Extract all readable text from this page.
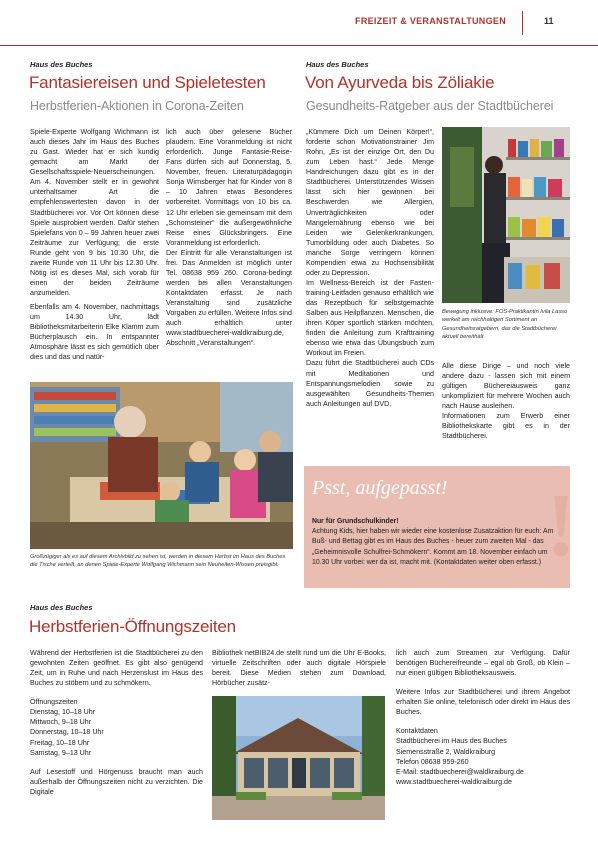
FREIZEIT & VERANSTALTUNGEN	11
Haus des Buches
Fantasiereisen und Spieletesten
Herbstferien-Aktionen in Corona-Zeiten

Spiele-Experte Wolfgang Wichmann ist auch dieses Jahr im Haus des Buches zu Gast. Wieder hat er sich kundig gemacht am Markt der Gesellschaftsspiele-Neuerscheinungen. Am 4. November stellt er in gewohnt unterhaltsamer Art die empfehlenswertesten davon in der Stadtbücherei vor. Vor Ort können diese Spiele ausprobiert werden. Dafür stehen Spielefans von 0 – 99 Jahren heuer zwei Zeiträume zur Verfügung; die erste Runde geht von 9 bis 10.30 Uhr, die zweite Runde von 11 Uhr bis 12.30 Uhr. Nötig ist es dieses Mal, sich vorab für einen der beiden Zeiträume anzumelden.

Ebenfalls am 4. November, nachmittags um 14.30 Uhr, lädt Bibliotheksmitarbeiterin Elke Klamm zum Bücherplausch ein. In entspannter Atmosphäre lässt es sich gemütlich über dies und das und natür-

lich auch über gelesene Bücher plaudern. Eine Voranmeldung ist nicht erforderlich. Junge Fantasie-Reise-Fans dürfen sich auf Donnerstag, 5. November, freuen. Literaturpädagogin Sonja Wirnsberger hat für Kinder von 8 – 10 Jahren etwas Besonderes vorbereitet. Vormittags von 10 bis ca. 12 Uhr erleben sie gemeinsam mit dem „Schornsteiner“ die außergewöhnliche Reise eines Glücksbringers. Eine Voranmeldung ist erforderlich.

Der Eintritt für alle Veranstaltungen ist frei. Das Anmelden ist möglich unter Tel. 08638 959 260. Corona-bedingt werden bei allen Veranstaltungen Kontaktdaten erfasst. Je nach Veranstaltung sind zusätzliche Vorgaben zu erfüllen. Weitere Infos sind auch erhältlich unter www.stadtbuecherei-waldkraiburg.de, Abschnitt „Veranstaltungen“.

Großzügiger als es auf diesem Archivbild zu sehen ist, werden in diesem Herbst im Haus des Buches die Tische verteilt, an denen Spiele-Experte Wolfgang Wichmann sein Neuheiten-Wissen preisgibt.
Haus des Buches
Von Ayurveda bis Zöliakie
Gesundheits-Ratgeber aus der Stadtbücherei

„Kümmere Dich um Deinen Körper!“, forderte schon Motivationstrainer Jim Rohn, „Es ist der einzige Ort, den Du zum Leben hast.“ Jede Menge Handreichungen dazu gibt es in der Stadtbücherei. Unterstützendes Wissen lässt sich hier gewinnen bei Beschwerden wie Allergien, Unverträglichkeiten oder Mangelernährung ebenso wie bei Leiden wie Gelenkerkrankungen, Tumorbildung oder auch Diabetes. So manche Sorge verringern können Kompendien etwa zu Hochsensibilität oder zu Depression.

Im Wellness-Bereich ist der Fasten-training-Leitfaden genauso erhältlich wie das Rezeptbuch für selbstgemachte Salben aus Heilpflanzen. Menschen, die ihren Köper sportlich stärken möchten, finden die Anleitung zum Krafttraining ebenso wie etwa das Übungsbuch zum Workout im Freien.

Dazu führt die Stadtbücherei auch CDs mit Meditationen und Entspannungsmelodien sowie zu ausgewählten Gesundheits-Themen auch Anleitungen auf DVD.

Bewegung inklusive: FOS-Praktikantin Ivila Lasso werkelt am reichhaltigen Sortiment an Gesundheitsratgebern, das die Stadtbücherei aktuell bereithält

Alle diese Dinge – und noch viele andere dazu - lassen sich mit einem gültigen Büchereiausweis ganz unkompliziert für mehrere Wochen auch nach Hause ausleihen.

Informationen zum Erwerb einer Bibliothekskarte gibt es in der Stadtbücherei.

!
Psst, aufgepasst!
Nur für Grundschulkinder!
Achtung Kids, hier haben wir wieder eine kostenlose Zusatzaktion für euch: Am Buß- und Bettag gibt es im Haus des Buches - heuer zum zweiten Mal - das „Geheimnisvolle Schulfrei-Schmökern“. Kommt am 18. November einfach um 10.30 Uhr vorbei: wer da ist, macht mit. (Kontaktdaten weiter oben erfasst.)
Haus des Buches
Herbstferien-Öffnungszeiten

Während der Herbstferien ist die Stadtbücherei zu den gewohnten Zeiten geöffnet. Es gibt also genügend Zeit, um in Ruhe und nach Herzenslust im Haus des Buches zu stöbern und zu schmökern.

Öffnungszeiten

Dienstag, 10–18 Uhr
Mittwoch, 9–18 Uhr
Donnerstag, 10–18 Uhr
Freitag, 10–18 Uhr
Samstag, 9–13 Uhr

Auf Lesestoff und Hörgenuss braucht man auch außerhalb der Öffnungszeiten nicht zu verzichten. Die Digitale

Bibliothek netBIB24.de stellt rund um die Uhr E-Books, virtuelle Zeitschriften oder auch digitale Hörspiele bereit. Diese Medien stehen zum Download, Hörbücher zusätz-

lich auch zum Streamen zur Verfügung. Dafür benötigen Büchereifreunde – egal ob Groß, ob Klein – nur einen gültigen Bibliotheksausweis.

Weitere Infos zur Stadtbücherei und ihrem Angebot erhalten Sie online, telefonisch oder direkt im Haus des Buches.

Kontaktdaten
Stadtbücherei im Haus des Buches
Siemensstraße 2, Waldkraiburg
Telefon 08638 959-260
E-Mail: stadtbuecherei@waldkraiburg.de
www.stadtbuecherei-waldkraiburg.de
